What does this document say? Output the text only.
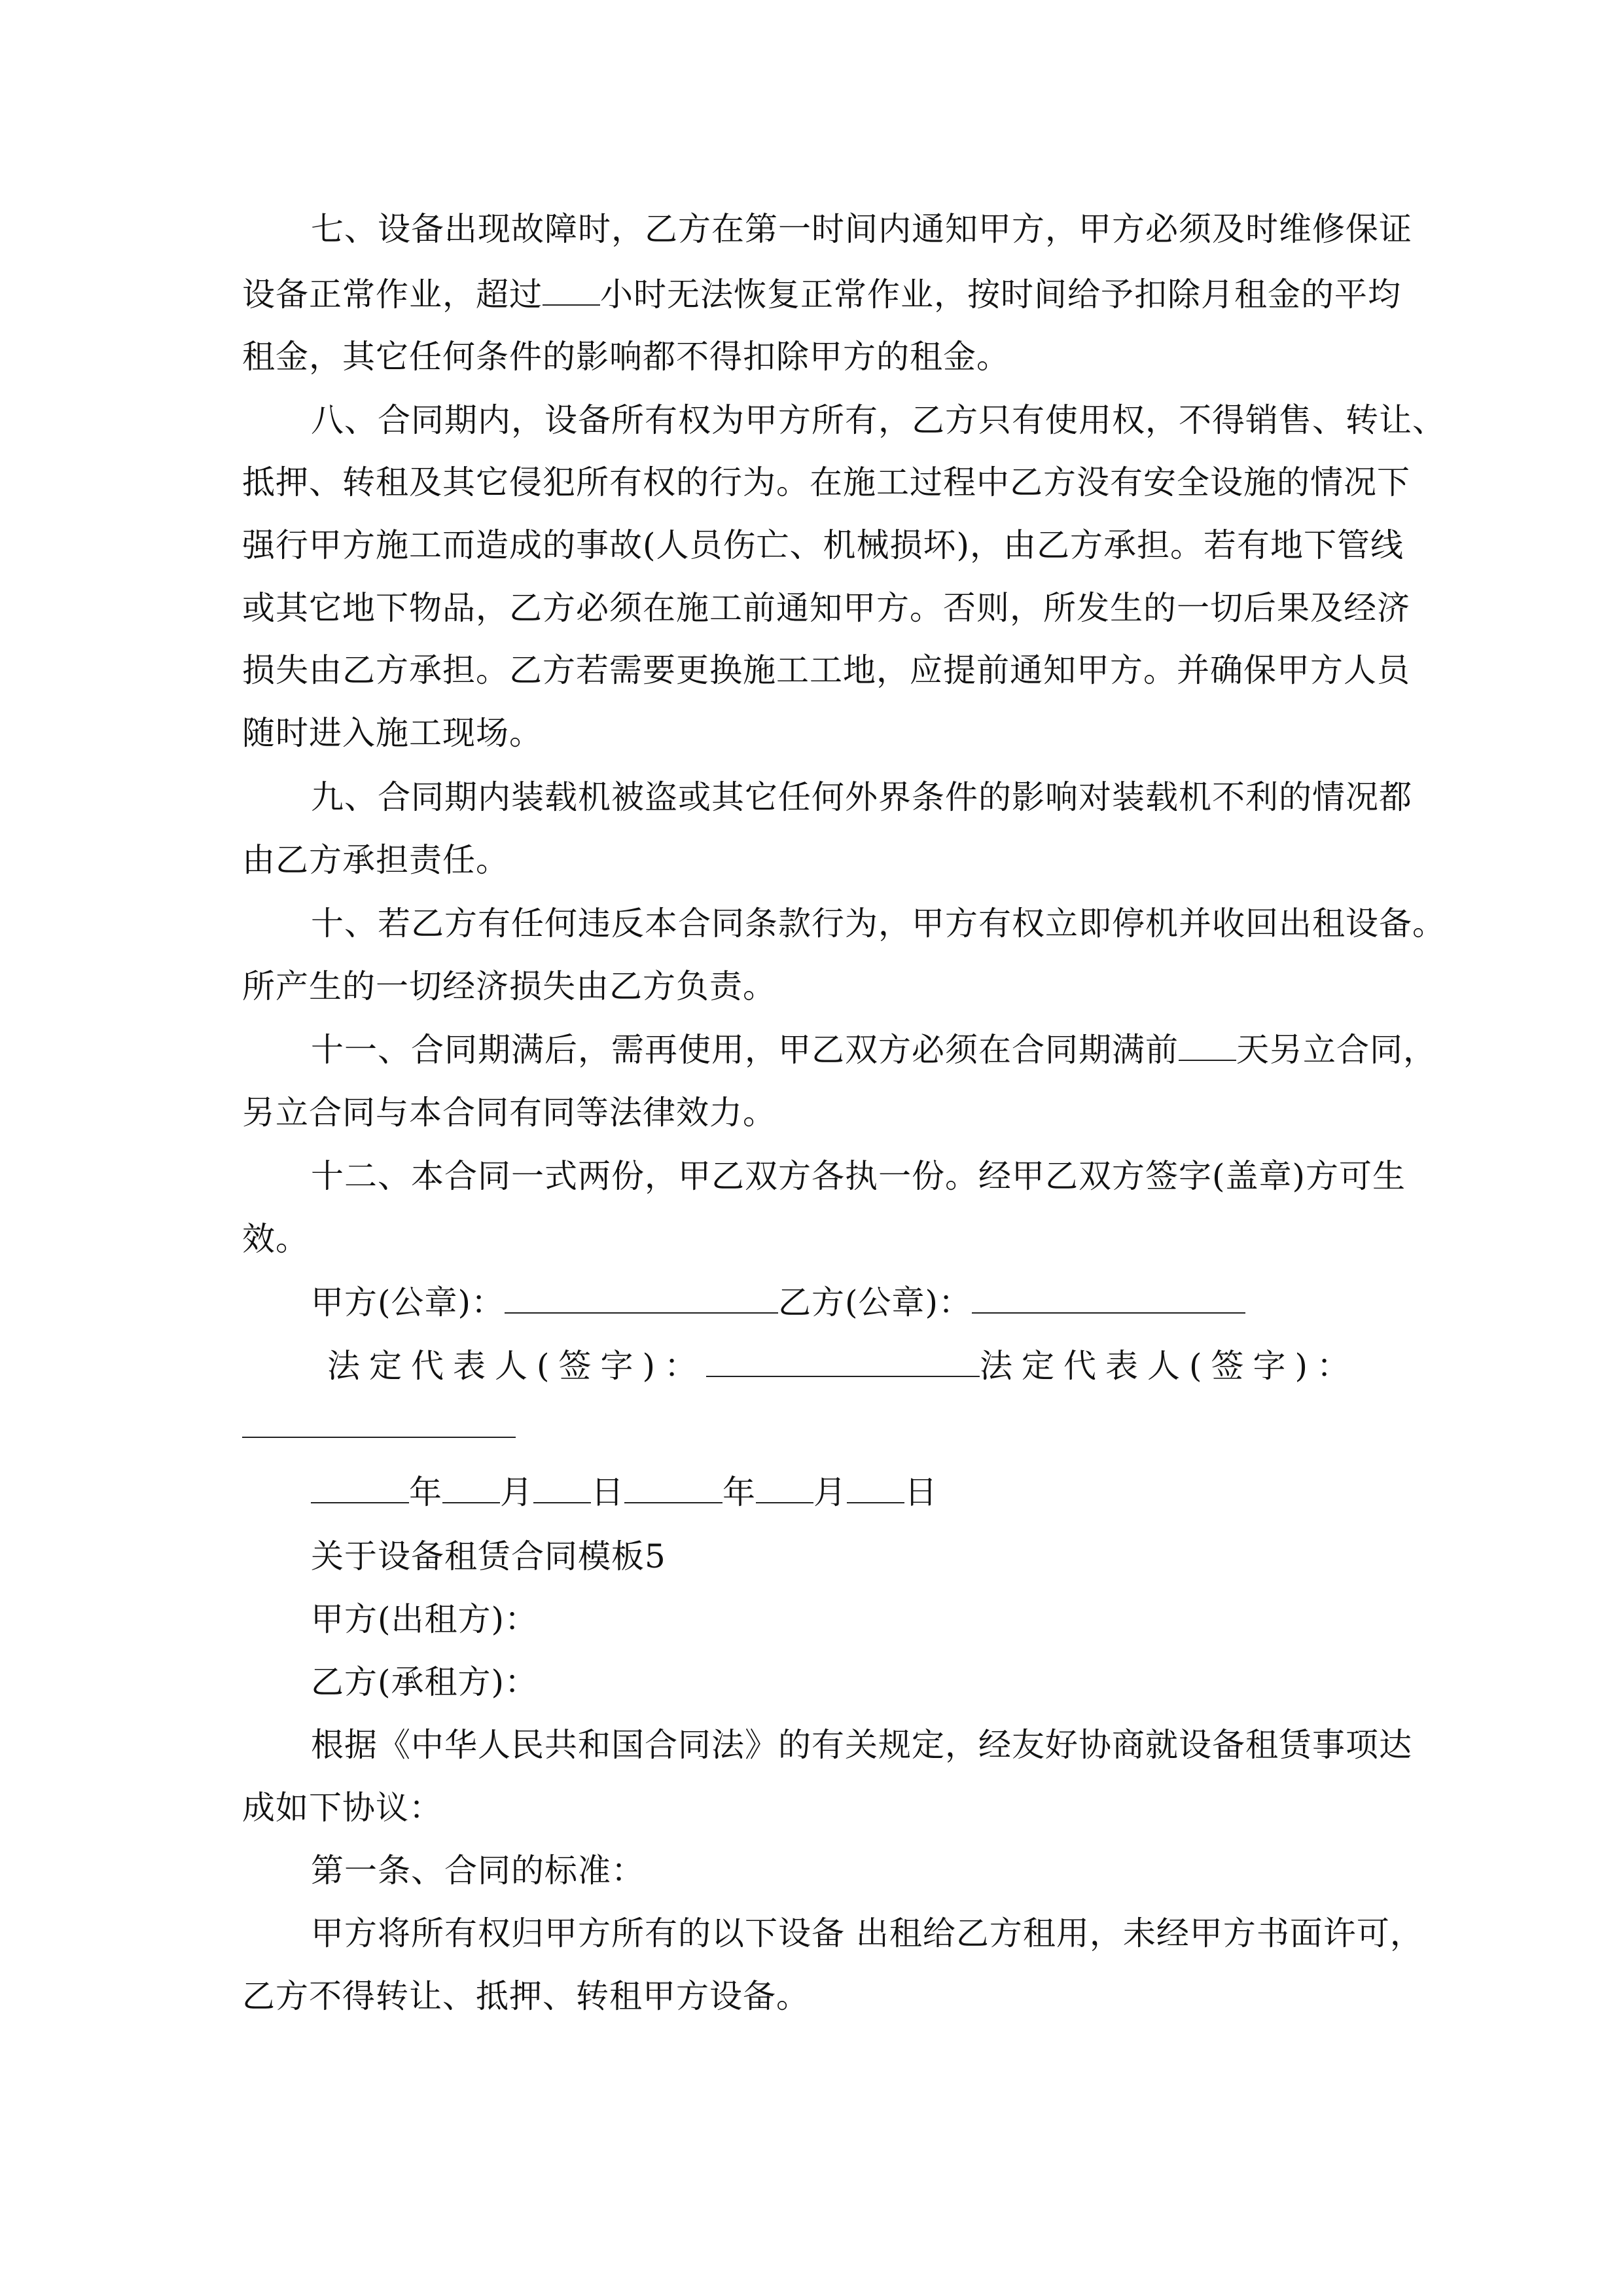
七、设备出现故障时，乙方在第一时间内通知甲方，甲方必须及时维修保证
设备正常作业，超过 小时无法恢复正常作业，按时间给予扣除月租金的平均
租金，其它任何条件的影响都不得扣除甲方的租金。
八、合同期内，设备所有权为甲方所有，乙方只有使用权，不得销售、转让、
抵押、转租及其它侵犯所有权的行为。在施工过程中乙方没有安全设施的情况下
强行甲方施工而造成的事故(人员伤亡、机械损坏)，由乙方承担。若有地下管线
或其它地下物品，乙方必须在施工前通知甲方。否则，所发生的一切后果及经济
损失由乙方承担。乙方若需要更换施工工地，应提前通知甲方。并确保甲方人员
随时进入施工现场。
九、合同期内装载机被盗或其它任何外界条件的影响对装载机不利的情况都
由乙方承担责任。
十、若乙方有任何违反本合同条款行为，甲方有权立即停机并收回出租设备。
所产生的一切经济损失由乙方负责。
十一、合同期满后，需再使用，甲乙双方必须在合同期满前 天另立合同，
另立合同与本合同有同等法律效力。
十二、本合同一式两份，甲乙双方各执一份。经甲乙双方签字(盖章)方可生
效。
甲方(公章)：	乙方(公章)：
法定代表人(签字)：	法定代表人(签字)：
年 月 日	年 月 日
关于设备租赁合同模板5
甲方(出租方)：
乙方(承租方)：
根据《中华人民共和国合同法》的有关规定，经友好协商就设备租赁事项达
成如下协议：
第一条、合同的标准：
甲方将所有权归甲方所有的以下设备 出租给乙方租用，未经甲方书面许可，
乙方不得转让、抵押、转租甲方设备。
